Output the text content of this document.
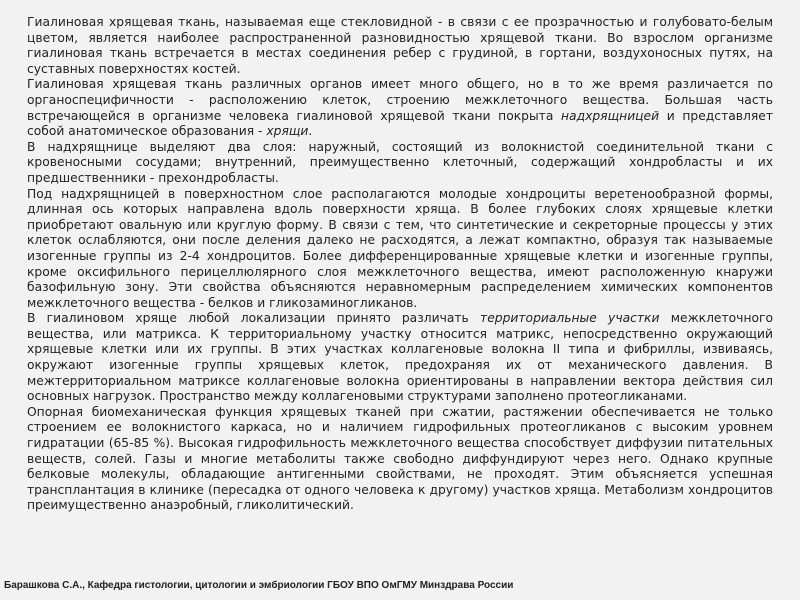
Гиалиновая хрящевая ткань, называемая еще стекловидной - в связи с ее прозрачностью и голубовато-белым цветом, является наиболее распространенной разновидностью хрящевой ткани. Во взрослом организме гиалиновая ткань встречается в местах соединения ребер с грудиной, в гортани, воздухоносных путях, на суставных поверхностях костей.

Гиалиновая хрящевая ткань различных органов имеет много общего, но в то же время различается по органоспецифичности - расположению клеток, строению межклеточного вещества. Большая часть встречающейся в организме человека гиалиновой хрящевой ткани покрыта надхрящницей и представляет собой анатомическое образования - хрящи.

В надхрящнице выделяют два слоя: наружный, состоящий из волокнистой соединительной ткани с кровеносными сосудами; внутренний, преимущественно клеточный, содержащий хондробласты и их предшественники - прехондробласты.

Под надхрящницей в поверхностном слое располагаются молодые хондроциты веретенообразной формы, длинная ось которых направлена вдоль поверхности хряща. В более глубоких слоях хрящевые клетки приобретают овальную или круглую форму. В связи с тем, что синтетические и секреторные процессы у этих клеток ослабляются, они после деления далеко не расходятся, а лежат компактно, образуя так называемые изогенные группы из 2-4 хондроцитов. Более дифференцированные хрящевые клетки и изогенные группы, кроме оксифильного перицеллюлярного слоя межклеточного вещества, имеют расположенную кнаружи базофильную зону. Эти свойства объясняются неравномерным распределением химических компонентов межклеточного вещества - белков и гликозаминогликанов.

В гиалиновом хряще любой локализации принято различать территориальные участки межклеточного вещества, или матрикса. К территориальному участку относится матрикс, непосредственно окружающий хрящевые клетки или их группы. В этих участках коллагеновые волокна II типа и фибриллы, извиваясь, окружают изогенные группы хрящевых клеток, предохраняя их от механического давления. В межтерриториальном матриксе коллагеновые волокна ориентированы в направлении вектора действия сил основных нагрузок. Пространство между коллагеновыми структурами заполнено протеогликанами.

Опорная биомеханическая функция хрящевых тканей при сжатии, растяжении обеспечивается не только строением ее волокнистого каркаса, но и наличием гидрофильных протеогликанов с высоким уровнем гидратации (65-85 %). Высокая гидрофильность межклеточного вещества способствует диффузии питательных веществ, солей. Газы и многие метаболиты также свободно диффундируют через него. Однако крупные белковые молекулы, обладающие антигенными свойствами, не проходят. Этим объясняется успешная трансплантация в клинике (пересадка от одного человека к другому) участков хряща. Метаболизм хондроцитов преимущественно анаэробный, гликолитический.

Барашкова С.А., Кафедра гистологии, цитологии и эмбриологии ГБОУ ВПО ОмГМУ Минздрава России
